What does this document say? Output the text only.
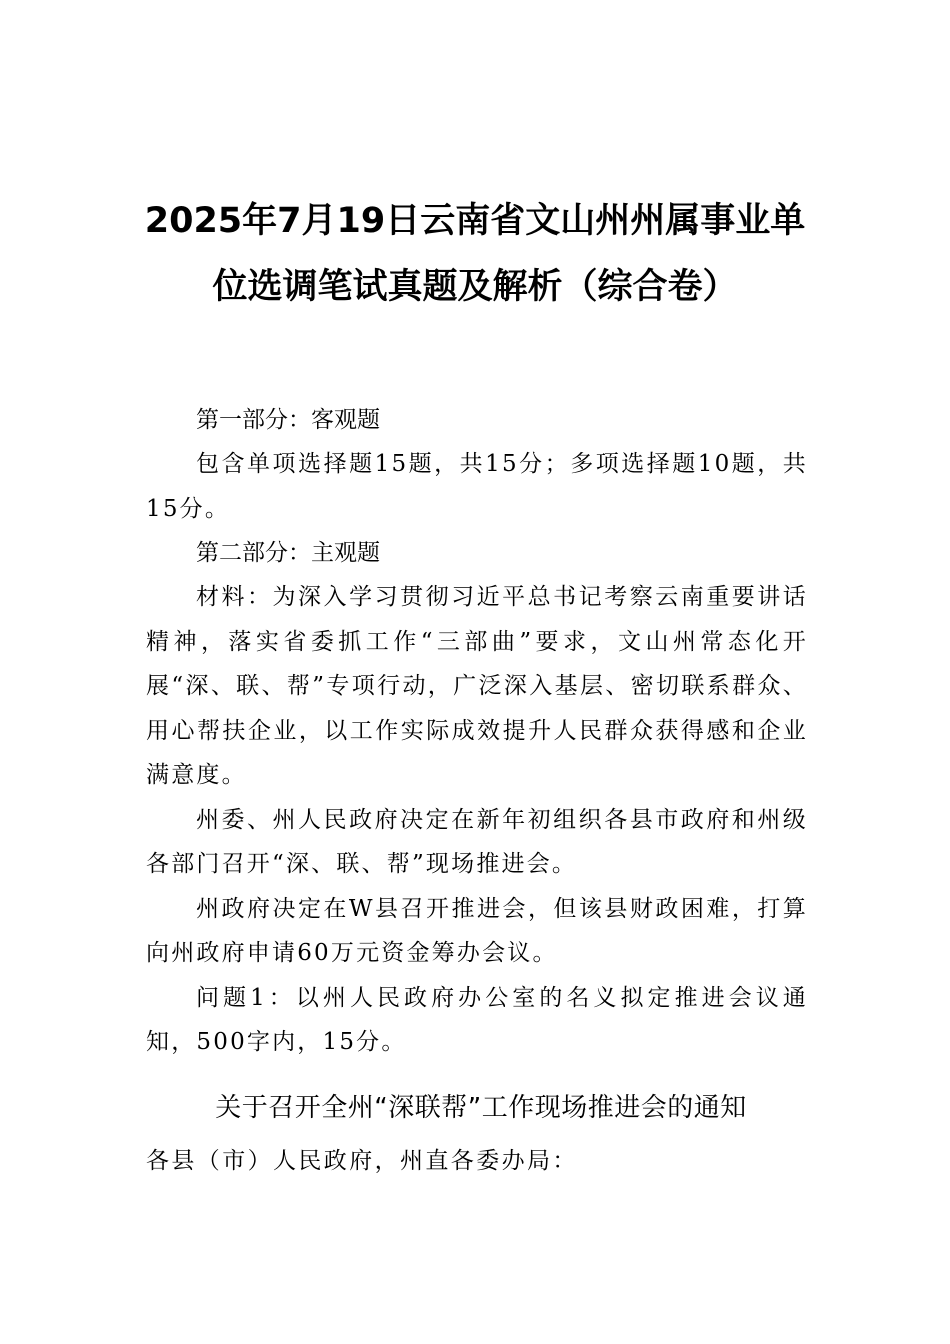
2025年7月19日云南省文山州州属事业单
位选调笔试真题及解析（综合卷）

第一部分：客观题

包含单项选择题15题，共15分；多项选择题10题，共15分。

第二部分：主观题

材料：为深入学习贯彻习近平总书记考察云南重要讲话精神，落实省委抓工作“三部曲”要求，文山州常态化开展“深、联、帮”专项行动，广泛深入基层、密切联系群众、用心帮扶企业，以工作实际成效提升人民群众获得感和企业满意度。

州委、州人民政府决定在新年初组织各县市政府和州级各部门召开“深、联、帮”现场推进会。

州政府决定在W县召开推进会，但该县财政困难，打算向州政府申请60万元资金筹办会议。

问题1：以州人民政府办公室的名义拟定推进会议通知，500字内，15分。

关于召开全州“深联帮”工作现场推进会的通知

各县（市）人民政府，州直各委办局：
